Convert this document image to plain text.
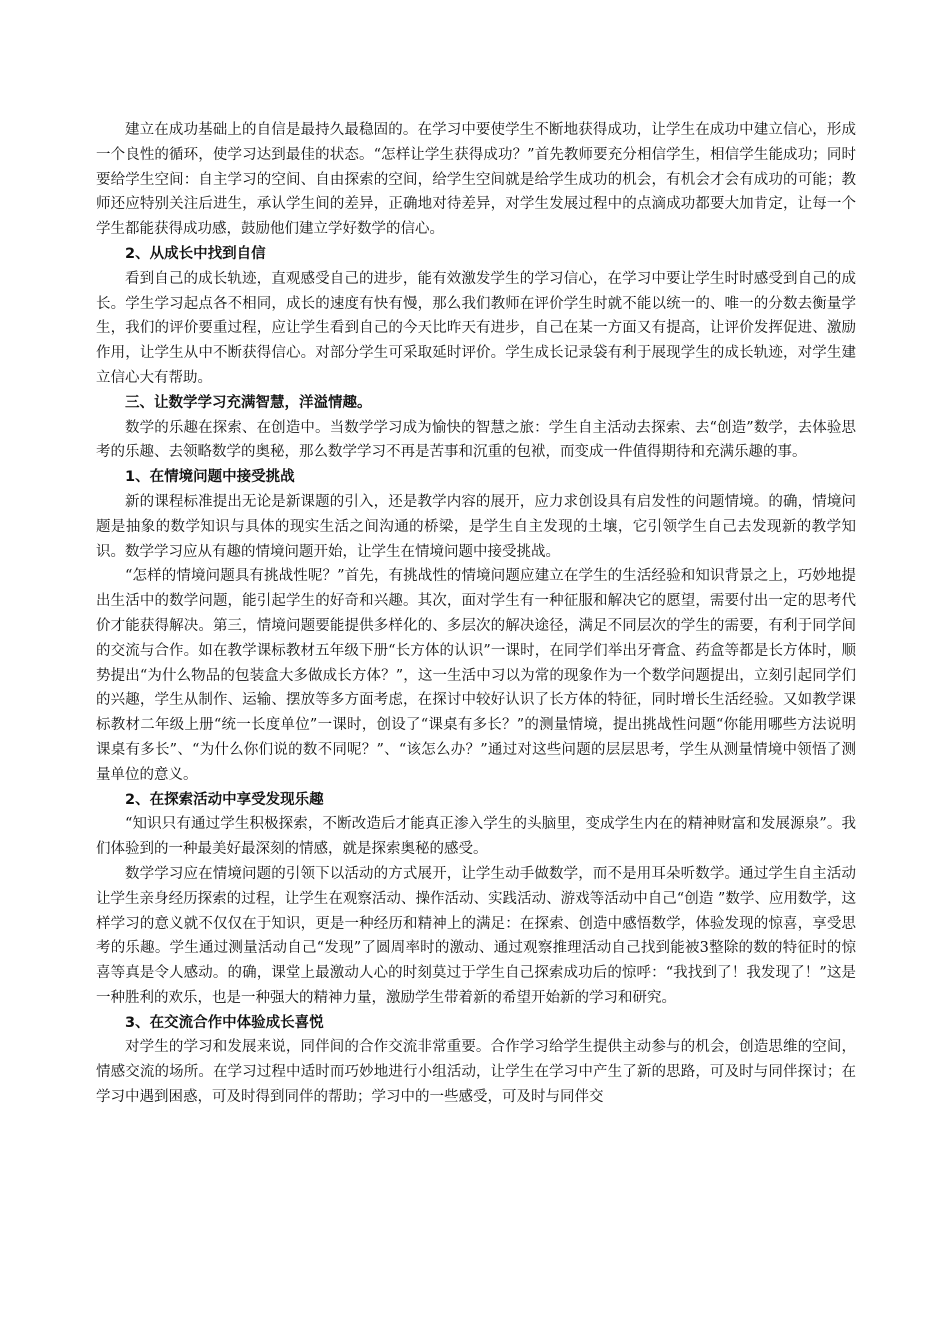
建立在成功基础上的自信是最持久最稳固的。在学习中要使学生不断地获得成功，让学生在成功中建立信心，形成一个良性的循环，使学习达到最佳的状态。“怎样让学生获得成功？”首先教师要充分相信学生，相信学生能成功；同时要给学生空间：自主学习的空间、自由探索的空间，给学生空间就是给学生成功的机会，有机会才会有成功的可能；教师还应特别关注后进生，承认学生间的差异，正确地对待差异，对学生发展过程中的点滴成功都要大加肯定，让每一个学生都能获得成功感，鼓励他们建立学好数学的信心。

2、从成长中找到自信

看到自己的成长轨迹，直观感受自己的进步，能有效激发学生的学习信心，在学习中要让学生时时感受到自己的成长。学生学习起点各不相同，成长的速度有快有慢，那么我们教师在评价学生时就不能以统一的、唯一的分数去衡量学生，我们的评价要重过程，应让学生看到自己的今天比昨天有进步，自己在某一方面又有提高，让评价发挥促进、激励作用，让学生从中不断获得信心。对部分学生可采取延时评价。学生成长记录袋有利于展现学生的成长轨迹，对学生建立信心大有帮助。

三、让数学学习充满智慧，洋溢情趣。

数学的乐趣在探索、在创造中。当数学学习成为愉快的智慧之旅：学生自主活动去探索、去“创造”数学，去体验思考的乐趣、去领略数学的奥秘，那么数学学习不再是苦事和沉重的包袱，而变成一件值得期待和充满乐趣的事。

1、在情境问题中接受挑战

新的课程标准提出无论是新课题的引入，还是教学内容的展开，应力求创设具有启发性的问题情境。的确，情境问题是抽象的数学知识与具体的现实生活之间沟通的桥梁，是学生自主发现的土壤，它引领学生自己去发现新的教学知识。数学学习应从有趣的情境问题开始，让学生在情境问题中接受挑战。

“怎样的情境问题具有挑战性呢？”首先，有挑战性的情境问题应建立在学生的生活经验和知识背景之上，巧妙地提出生活中的数学问题，能引起学生的好奇和兴趣。其次，面对学生有一种征服和解决它的愿望，需要付出一定的思考代价才能获得解决。第三，情境问题要能提供多样化的、多层次的解决途径，满足不同层次的学生的需要，有利于同学间的交流与合作。如在教学课标教材五年级下册“长方体的认识”一课时，在同学们举出牙膏盒、药盒等都是长方体时，顺势提出“为什么物品的包装盒大多做成长方体？”，这一生活中习以为常的现象作为一个数学问题提出，立刻引起同学们的兴趣，学生从制作、运输、摆放等多方面考虑，在探讨中较好认识了长方体的特征，同时增长生活经验。又如教学课标教材二年级上册“统一长度单位”一课时，创设了“课桌有多长？”的测量情境，提出挑战性问题“你能用哪些方法说明课桌有多长”、“为什么你们说的数不同呢？”、“该怎么办？”通过对这些问题的层层思考，学生从测量情境中领悟了测量单位的意义。

2、在探索活动中享受发现乐趣

“知识只有通过学生积极探索，不断改造后才能真正渗入学生的头脑里，变成学生内在的精神财富和发展源泉”。我们体验到的一种最美好最深刻的情感，就是探索奥秘的感受。

数学学习应在情境问题的引领下以活动的方式展开，让学生动手做数学，而不是用耳朵听数学。通过学生自主活动让学生亲身经历探索的过程，让学生在观察活动、操作活动、实践活动、游戏等活动中自己“创造 ”数学、应用数学，这样学习的意义就不仅仅在于知识，更是一种经历和精神上的满足：在探索、创造中感悟数学，体验发现的惊喜，享受思考的乐趣。学生通过测量活动自己“发现”了圆周率时的激动、通过观察推理活动自己找到能被3整除的数的特征时的惊喜等真是令人感动。的确，课堂上最激动人心的时刻莫过于学生自己探索成功后的惊呼：“我找到了！我发现了！”这是一种胜利的欢乐，也是一种强大的精神力量，激励学生带着新的希望开始新的学习和研究。

3、在交流合作中体验成长喜悦

对学生的学习和发展来说，同伴间的合作交流非常重要。合作学习给学生提供主动参与的机会，创造思维的空间，情感交流的场所。在学习过程中适时而巧妙地进行小组活动，让学生在学习中产生了新的思路，可及时与同伴探讨；在学习中遇到困惑，可及时得到同伴的帮助；学习中的一些感受，可及时与同伴交
